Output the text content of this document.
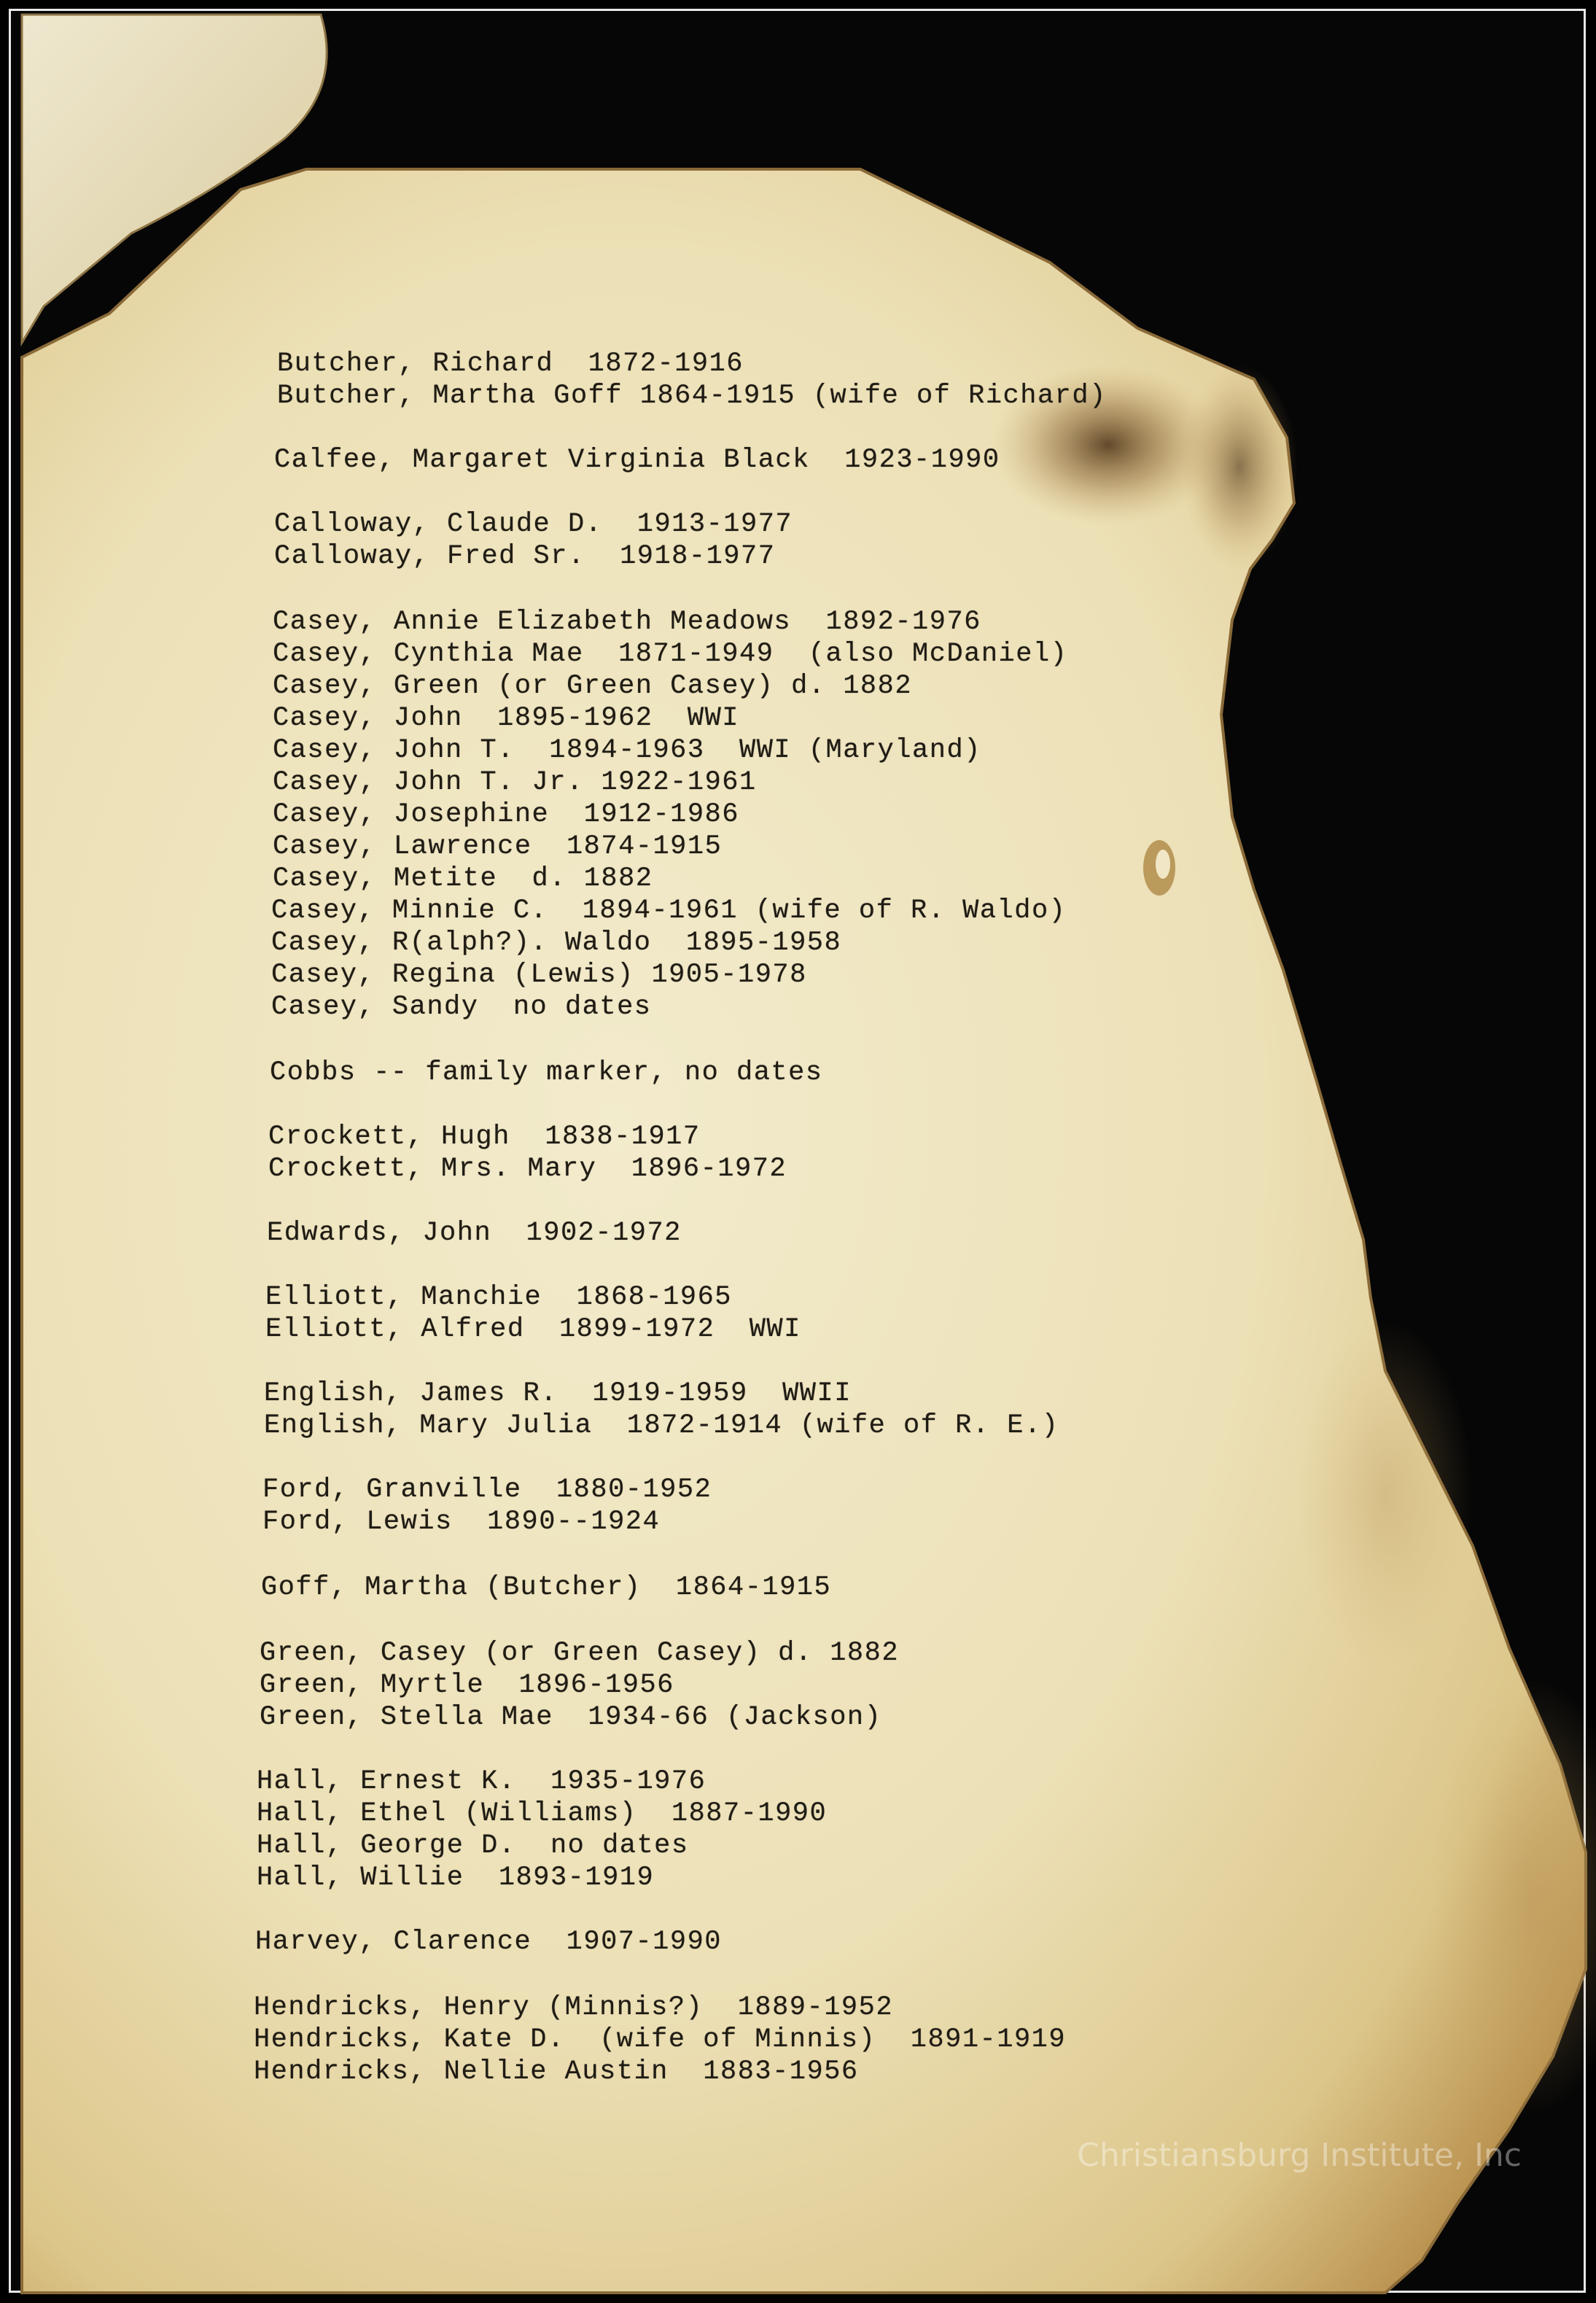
Butcher, Richard  1872-1916
Butcher, Martha Goff 1864-1915 (wife of Richard)
Calfee, Margaret Virginia Black  1923-1990
Calloway, Claude D.  1913-1977
Calloway, Fred Sr.  1918-1977
Casey, Annie Elizabeth Meadows  1892-1976
Casey, Cynthia Mae  1871-1949  (also McDaniel)
Casey, Green (or Green Casey) d. 1882
Casey, John  1895-1962  WWI
Casey, John T.  1894-1963  WWI (Maryland)
Casey, John T. Jr. 1922-1961
Casey, Josephine  1912-1986
Casey, Lawrence  1874-1915
Casey, Metite  d. 1882
Casey, Minnie C.  1894-1961 (wife of R. Waldo)
Casey, R(alph?). Waldo  1895-1958
Casey, Regina (Lewis) 1905-1978
Casey, Sandy  no dates
Cobbs -- family marker, no dates
Crockett, Hugh  1838-1917
Crockett, Mrs. Mary  1896-1972
Edwards, John  1902-1972
Elliott, Manchie  1868-1965
Elliott, Alfred  1899-1972  WWI
English, James R.  1919-1959  WWII
English, Mary Julia  1872-1914 (wife of R. E.)
Ford, Granville  1880-1952
Ford, Lewis  1890--1924
Goff, Martha (Butcher)  1864-1915
Green, Casey (or Green Casey) d. 1882
Green, Myrtle  1896-1956
Green, Stella Mae  1934-66 (Jackson)
Hall, Ernest K.  1935-1976
Hall, Ethel (Williams)  1887-1990
Hall, George D.  no dates
Hall, Willie  1893-1919
Harvey, Clarence  1907-1990
Hendricks, Henry (Minnis?)  1889-1952
Hendricks, Kate D.  (wife of Minnis)  1891-1919
Hendricks, Nellie Austin  1883-1956
Christiansburg Institute, Inc
